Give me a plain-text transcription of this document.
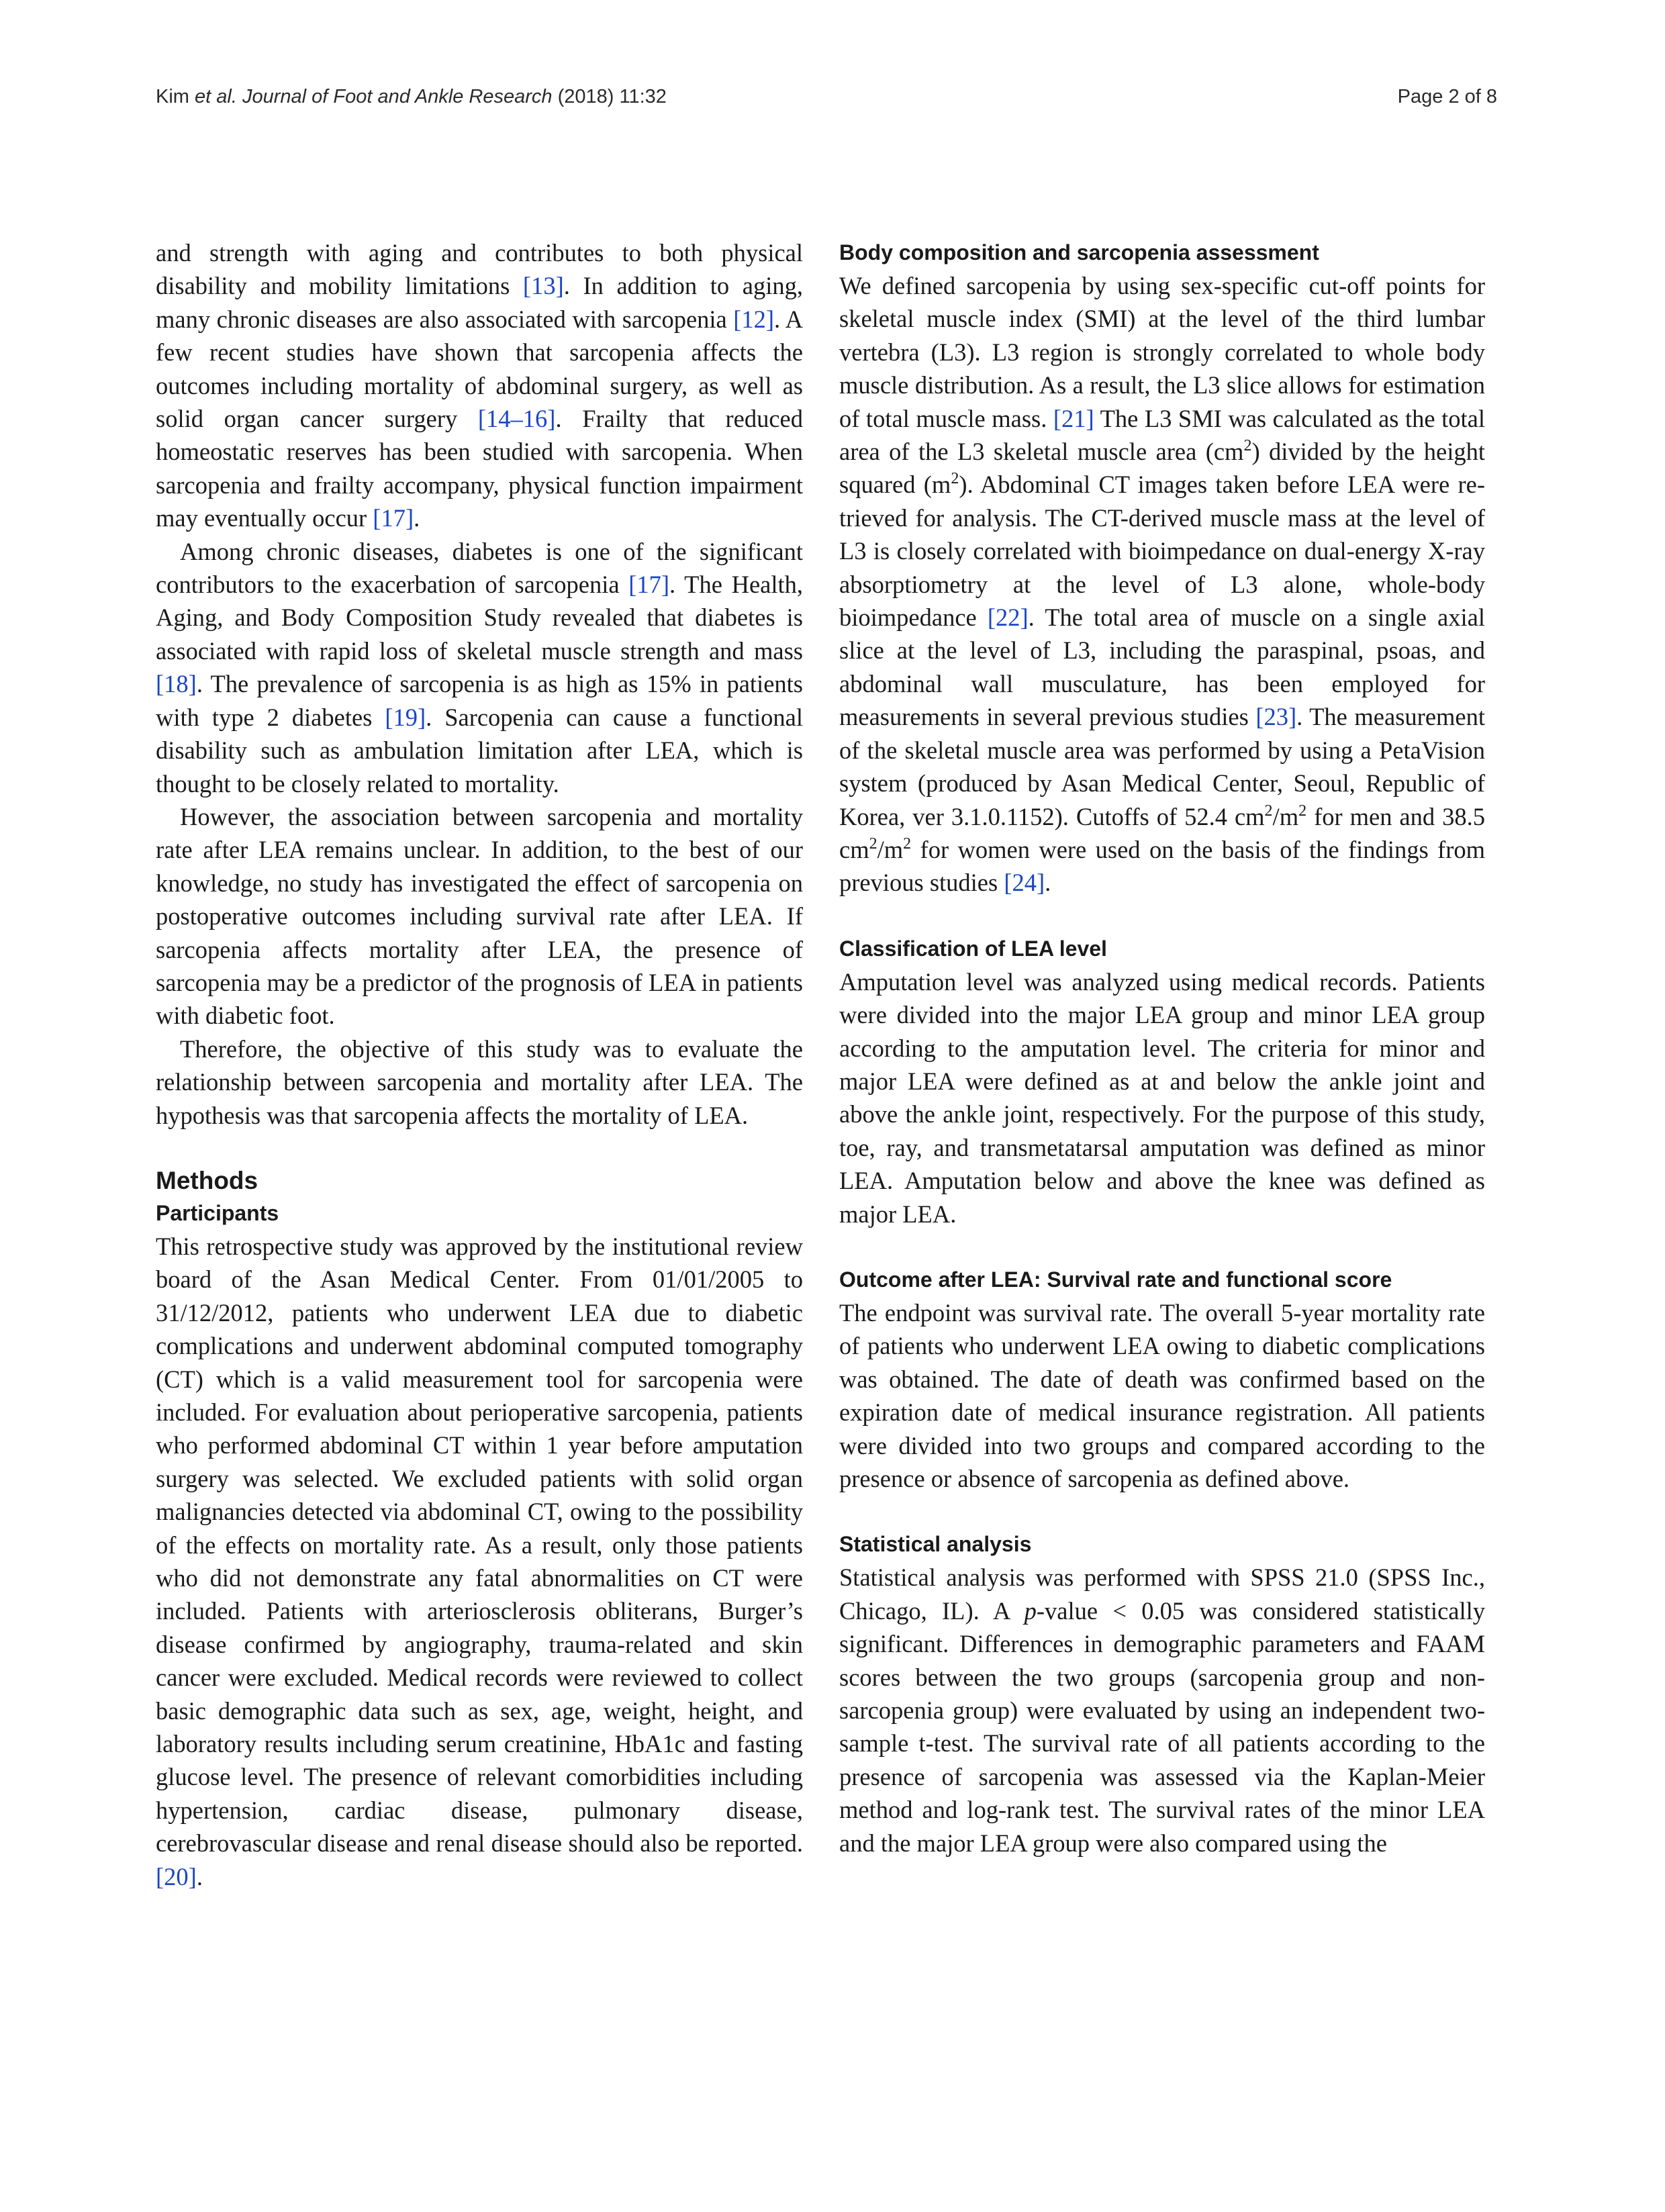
Kim et al. Journal of Foot and Ankle Research (2018) 11:32	Page 2 of 8

and strength with aging and contributes to both physical disability and mobility limitations [13]. In addition to aging, many chronic diseases are also associated with sarcopenia [12]. A few recent studies have shown that sarcopenia affects the outcomes including mortality of abdominal surgery, as well as solid organ cancer surgery [14–16]. Frailty that reduced homeostatic reserves has been studied with sarcopenia. When sarcopenia and frailty accompany, physical function impairment may eventually occur [17].

Among chronic diseases, diabetes is one of the significant contributors to the exacerbation of sarcopenia [17]. The Health, Aging, and Body Composition Study revealed that diabetes is associated with rapid loss of skeletal muscle strength and mass [18]. The prevalence of sarcopenia is as high as 15% in patients with type 2 diabetes [19]. Sarcopenia can cause a functional disability such as ambulation limitation after LEA, which is thought to be closely related to mortality.

However, the association between sarcopenia and mortality rate after LEA remains unclear. In addition, to the best of our knowledge, no study has investigated the effect of sarcopenia on postoperative outcomes including survival rate after LEA. If sarcopenia affects mortality after LEA, the presence of sarcopenia may be a predictor of the prognosis of LEA in patients with diabetic foot.

Therefore, the objective of this study was to evaluate the relationship between sarcopenia and mortality after LEA. The hypothesis was that sarcopenia affects the mortality of LEA.

Methods
Participants

This retrospective study was approved by the institutional review board of the Asan Medical Center. From 01/01/2005 to 31/12/2012, patients who underwent LEA due to diabetic complications and underwent abdominal computed tomography (CT) which is a valid measurement tool for sarcopenia were included. For evaluation about perioperative sarcopenia, patients who performed abdominal CT within 1 year before amputation surgery was selected. We excluded patients with solid organ malignancies detected via abdominal CT, owing to the possibility of the effects on mortality rate. As a result, only those patients who did not demonstrate any fatal abnormalities on CT were included. Patients with arteriosclerosis obliterans, Burger’s disease confirmed by angiography, trauma-related and skin cancer were excluded. Medical records were reviewed to collect basic demographic data such as sex, age, weight, height, and laboratory results including serum creatinine, HbA1c and fasting glucose level. The presence of relevant comorbidities including hypertension, cardiac disease, pulmonary disease, cerebrovascular disease and renal disease should also be reported. [20].

Body composition and sarcopenia assessment

We defined sarcopenia by using sex-specific cut-off points for skeletal muscle index (SMI) at the level of the third lumbar vertebra (L3). L3 region is strongly correlated to whole body muscle distribution. As a result, the L3 slice allows for estimation of total muscle mass. [21] The L3 SMI was calculated as the total area of the L3 skeletal muscle area $(cm^2)$ divided by the height squared $(m^2)$. Abdominal CT images taken before LEA were retrieved for analysis. The CT-derived muscle mass at the level of L3 is closely correlated with bioimpedance on dual-energy X-ray absorptiometry at the level of L3 alone, whole-body bioimpedance [22]. The total area of muscle on a single axial slice at the level of L3, including the paraspinal, psoas, and abdominal wall musculature, has been employed for measurements in several previous studies [23]. The measurement of the skeletal muscle area was performed by using a PetaVision system (produced by Asan Medical Center, Seoul, Republic of Korea, ver 3.1.0.1152). Cutoffs of 52.4 $cm^2/m^2$ for men and 38.5 $cm^2/m^2$ for women were used on the basis of the findings from previous studies [24].

Classification of LEA level

Amputation level was analyzed using medical records. Patients were divided into the major LEA group and minor LEA group according to the amputation level. The criteria for minor and major LEA were defined as at and below the ankle joint and above the ankle joint, respectively. For the purpose of this study, toe, ray, and transmetatarsal amputation was defined as minor LEA. Amputation below and above the knee was defined as major LEA.

Outcome after LEA: Survival rate and functional score

The endpoint was survival rate. The overall 5-year mortality rate of patients who underwent LEA owing to diabetic complications was obtained. The date of death was confirmed based on the expiration date of medical insurance registration. All patients were divided into two groups and compared according to the presence or absence of sarcopenia as defined above.

Statistical analysis

Statistical analysis was performed with SPSS 21.0 (SPSS Inc., Chicago, IL). A p-value < 0.05 was considered statistically significant. Differences in demographic parameters and FAAM scores between the two groups (sarcopenia group and non-sarcopenia group) were evaluated by using an independent two-sample t-test. The survival rate of all patients according to the presence of sarcopenia was assessed via the Kaplan-Meier method and log-rank test. The survival rates of the minor LEA and the major LEA group were also compared using the
